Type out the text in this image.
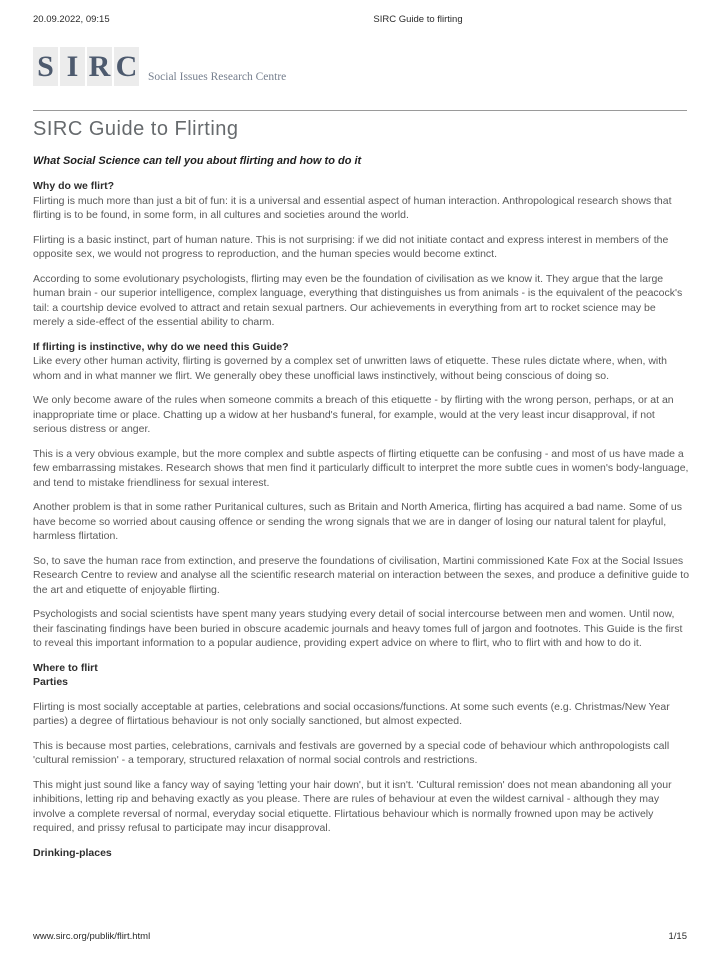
20.09.2022, 09:15	SIRC Guide to flirting
S I R C Social Issues Research Centre
SIRC Guide to Flirting
What Social Science can tell you about flirting and how to do it
Why do we flirt?
Flirting is much more than just a bit of fun: it is a universal and essential aspect of human interaction. Anthropological research shows that flirting is to be found, in some form, in all cultures and societies around the world.
Flirting is a basic instinct, part of human nature. This is not surprising: if we did not initiate contact and express interest in members of the opposite sex, we would not progress to reproduction, and the human species would become extinct.
According to some evolutionary psychologists, flirting may even be the foundation of civilisation as we know it. They argue that the large human brain - our superior intelligence, complex language, everything that distinguishes us from animals - is the equivalent of the peacock's tail: a courtship device evolved to attract and retain sexual partners. Our achievements in everything from art to rocket science may be merely a side-effect of the essential ability to charm.
If flirting is instinctive, why do we need this Guide?
Like every other human activity, flirting is governed by a complex set of unwritten laws of etiquette. These rules dictate where, when, with whom and in what manner we flirt. We generally obey these unofficial laws instinctively, without being conscious of doing so.
We only become aware of the rules when someone commits a breach of this etiquette - by flirting with the wrong person, perhaps, or at an inappropriate time or place. Chatting up a widow at her husband's funeral, for example, would at the very least incur disapproval, if not serious distress or anger.
This is a very obvious example, but the more complex and subtle aspects of flirting etiquette can be confusing - and most of us have made a few embarrassing mistakes. Research shows that men find it particularly difficult to interpret the more subtle cues in women's body-language, and tend to mistake friendliness for sexual interest.
Another problem is that in some rather Puritanical cultures, such as Britain and North America, flirting has acquired a bad name. Some of us have become so worried about causing offence or sending the wrong signals that we are in danger of losing our natural talent for playful, harmless flirtation.
So, to save the human race from extinction, and preserve the foundations of civilisation, Martini commissioned Kate Fox at the Social Issues Research Centre to review and analyse all the scientific research material on interaction between the sexes, and produce a definitive guide to the art and etiquette of enjoyable flirting.
Psychologists and social scientists have spent many years studying every detail of social intercourse between men and women. Until now, their fascinating findings have been buried in obscure academic journals and heavy tomes full of jargon and footnotes. This Guide is the first to reveal this important information to a popular audience, providing expert advice on where to flirt, who to flirt with and how to do it.
Where to flirt
Parties
Flirting is most socially acceptable at parties, celebrations and social occasions/functions. At some such events (e.g. Christmas/New Year parties) a degree of flirtatious behaviour is not only socially sanctioned, but almost expected.
This is because most parties, celebrations, carnivals and festivals are governed by a special code of behaviour which anthropologists call 'cultural remission' - a temporary, structured relaxation of normal social controls and restrictions.
This might just sound like a fancy way of saying 'letting your hair down', but it isn't. 'Cultural remission' does not mean abandoning all your inhibitions, letting rip and behaving exactly as you please. There are rules of behaviour at even the wildest carnival - although they may involve a complete reversal of normal, everyday social etiquette. Flirtatious behaviour which is normally frowned upon may be actively required, and prissy refusal to participate may incur disapproval.
Drinking-places
www.sirc.org/publik/flirt.html	1/15
